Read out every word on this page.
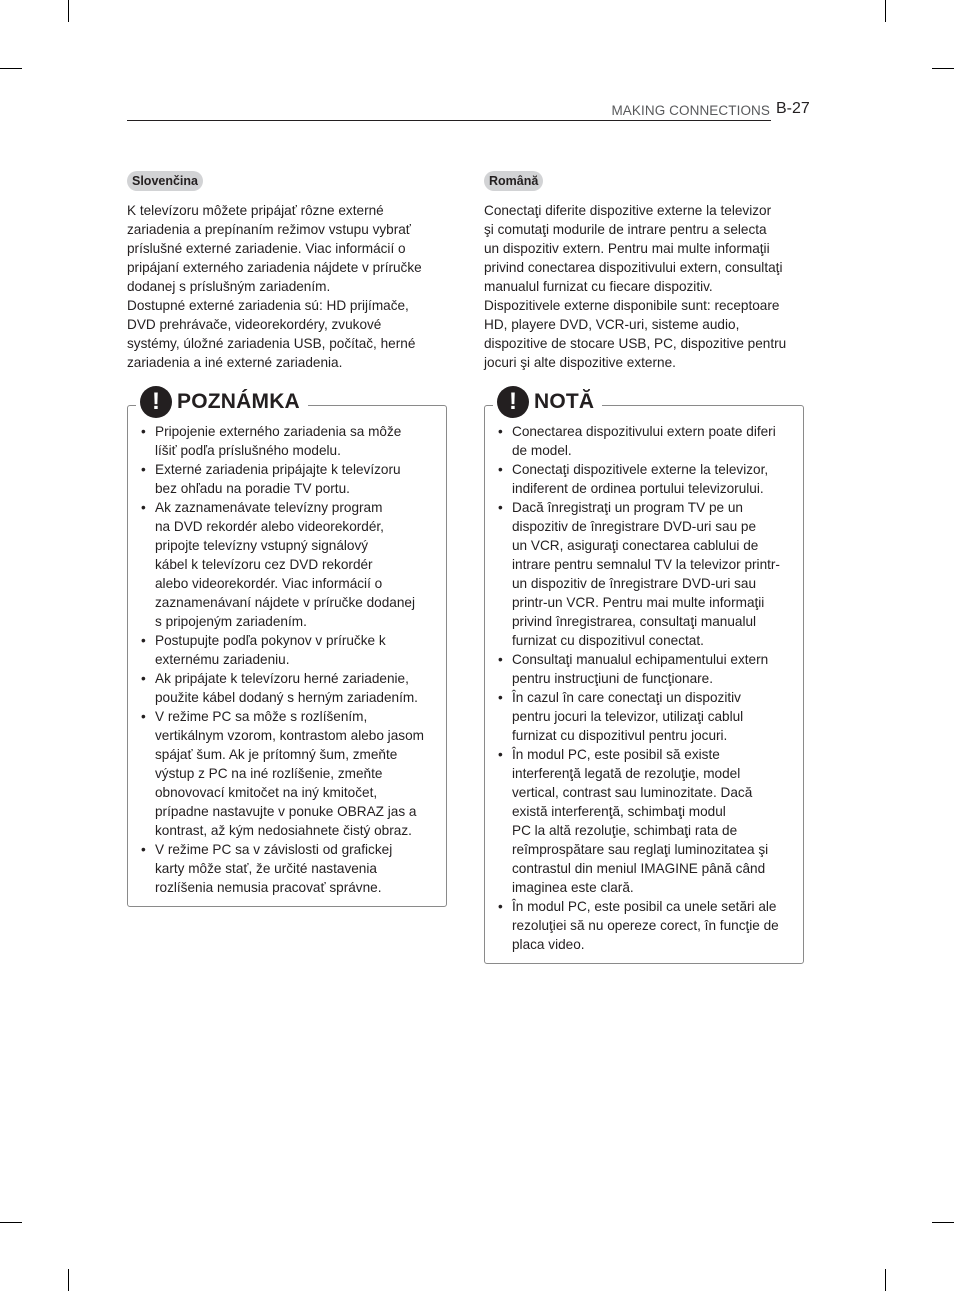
MAKING CONNECTIONS B-27
Slovenčina

K televízoru môžete pripájať rôzne externé
zariadenia a prepínaním režimov vstupu vybrať
príslušné externé zariadenie. Viac informácií o
pripájaní externého zariadenia nájdete v príručke
dodanej s príslušným zariadením.
Dostupné externé zariadenia sú: HD prijímače,
DVD prehrávače, videorekordéry, zvukové
systémy, úložné zariadenia USB, počítač, herné
zariadenia a iné externé zariadenia.

! POZNÁMKA
• Pripojenie externého zariadenia sa môže
líšiť podľa príslušného modelu.
• Externé zariadenia pripájajte k televízoru
bez ohľadu na poradie TV portu.
• Ak zaznamenávate televízny program
na DVD rekordér alebo videorekordér,
pripojte televízny vstupný signálový
kábel k televízoru cez DVD rekordér
alebo videorekordér. Viac informácií o
zaznamenávaní nájdete v príručke dodanej
s pripojeným zariadením.
• Postupujte podľa pokynov v príručke k
externému zariadeniu.
• Ak pripájate k televízoru herné zariadenie,
použite kábel dodaný s herným zariadením.
• V režime PC sa môže s rozlíšením,
vertikálnym vzorom, kontrastom alebo jasom
spájať šum. Ak je prítomný šum, zmeňte
výstup z PC na iné rozlíšenie, zmeňte
obnovovací kmitočet na iný kmitočet,
prípadne nastavujte v ponuke OBRAZ jas a
kontrast, až kým nedosiahnete čistý obraz.
• V režime PC sa v závislosti od grafickej
karty môže stať, že určité nastavenia
rozlíšenia nemusia pracovať správne.
Română

Conectaţi diferite dispozitive externe la televizor
şi comutaţi modurile de intrare pentru a selecta
un dispozitiv extern. Pentru mai multe informaţii
privind conectarea dispozitivului extern, consultaţi
manualul furnizat cu fiecare dispozitiv.
Dispozitivele externe disponibile sunt: receptoare
HD, playere DVD, VCR-uri, sisteme audio,
dispozitive de stocare USB, PC, dispozitive pentru
jocuri şi alte dispozitive externe.

! NOTĂ
• Conectarea dispozitivului extern poate diferi
de model.
• Conectaţi dispozitivele externe la televizor,
indiferent de ordinea portului televizorului.
• Dacă înregistraţi un program TV pe un
dispozitiv de înregistrare DVD-uri sau pe
un VCR, asiguraţi conectarea cablului de
intrare pentru semnalul TV la televizor printr-
un dispozitiv de înregistrare DVD-uri sau
printr-un VCR. Pentru mai multe informaţii
privind înregistrarea, consultaţi manualul
furnizat cu dispozitivul conectat.
• Consultaţi manualul echipamentului extern
pentru instrucţiuni de funcţionare.
• În cazul în care conectaţi un dispozitiv
pentru jocuri la televizor, utilizaţi cablul
furnizat cu dispozitivul pentru jocuri.
• În modul PC, este posibil să existe
interferenţă legată de rezoluţie, model
vertical, contrast sau luminozitate. Dacă
există interferenţă, schimbaţi modul
PC la altă rezoluţie, schimbaţi rata de
reîmprospătare sau reglaţi luminozitatea şi
contrastul din meniul IMAGINE până când
imaginea este clară.
• În modul PC, este posibil ca unele setări ale
rezoluţiei să nu opereze corect, în funcţie de
placa video.
